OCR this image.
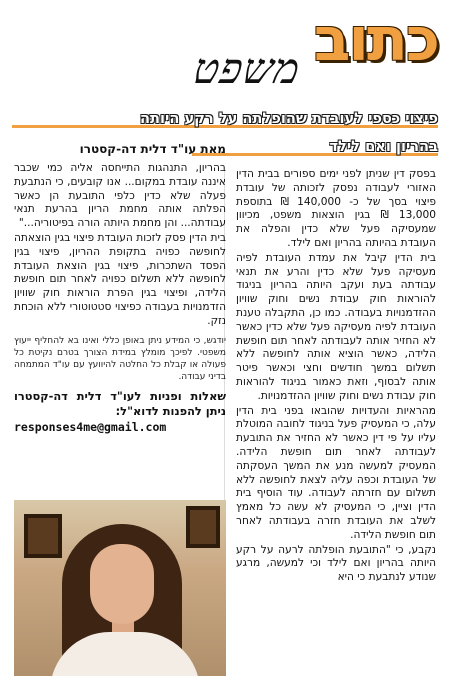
כתוב
משפט
פיצוי כספי לעובדת שהופלתה על רקע היותה
בהריון ואם לילד

בפסק דין שניתן לפני ימים ספורים בבית הדין האזורי לעבודה נפסק לזכותה של עובדת פיצוי בסך של כ- 140,000 ₪ בתוספת 13,000 ₪ בגין הוצאות משפט, מכיוון שמעסיקה פעל שלא כדין והפלה את העובדת בהיותה בהריון ואם לילד.

בית הדין קיבל את עמדת העובדת לפיה מעסיקה פעל שלא כדין והרע את תנאי עבודתה בעת ועקב היותה בהריון בניגוד להוראות חוק עבודת נשים וחוק שוויון ההזדמנויות בעבודה. כמו כן, התקבלה טענת העובדת לפיה מעסיקה פעל שלא כדין כאשר לא החזיר אותה לעבודתה לאחר תום חופשת הלידה, כאשר הוציא אותה לחופשה ללא תשלום במשך חודשים וחצי וכאשר פיטר אותה לבסוף, וזאת כאמור בניגוד להוראות חוק עבודת נשים וחוק שוויון ההזדמנויות.

מהראיות והעדויות שהובאו בפני בית הדין עלה, כי המעסיק פעל בניגוד לחובה המוטלת עליו על פי דין כאשר לא החזיר את התובעת לעבודתה לאחר תום חופשת הלידה. המעסיק למעשה מנע את המשך העסקתה של העובדת וכפה עליה לצאת לחופשה ללא תשלום עם חזרתה לעבודה. עוד הוסיף בית הדין וציין, כי המעסיק לא עשה כל מאמץ לשלב את העובדת חזרה בעבודתה לאחר תום חופשת הלידה.

נקבע, כי "התובעת הופלתה לרעה על רקע היותה בהריון ואם לילד וכי למעשה, מרגע שנודע לנתבעת כי היא

מאת עו"ד דלית דה-קסטרו

בהריון, התנהגות התייחסה אליה כמי שכבר איננה עובדת במקום... אנו קובעים, כי הנתבעת פעלה שלא כדין כלפי התובעת הן כאשר הפלתה אותה מחמת הריון בהרעת תנאי עבודתה... והן מחמת היותה הורה בפיטוריה..."

בית הדין פסק לזכות העובדת פיצוי בגין הוצאתה לחופשה כפויה בתקופת ההריון, פיצוי בגין הפסד השתכרות, פיצוי בגין הוצאת העובדת לחופשה ללא תשלום כפויה לאחר תום חופשת הלידה, ופיצוי בגין הפרת הוראות חוק שוויון הזדמנויות בעבודה כפיצוי סטטוטורי ללא הוכחת נזק.

יודגש, כי המידע ניתן באופן כללי ואינו בא להחליף ייעוץ משפטי. לפיכך מומלץ במידת הצורך בטרם נקיטת כל פעולה או קבלת כל החלטה להיוועץ עם עו"ד המתמחה בדיני עבודה.
שאלות ופניות לעו"ד דלית דה-קסטרו ניתן להפנות לדוא"ל:
responses4me@gmail.com
